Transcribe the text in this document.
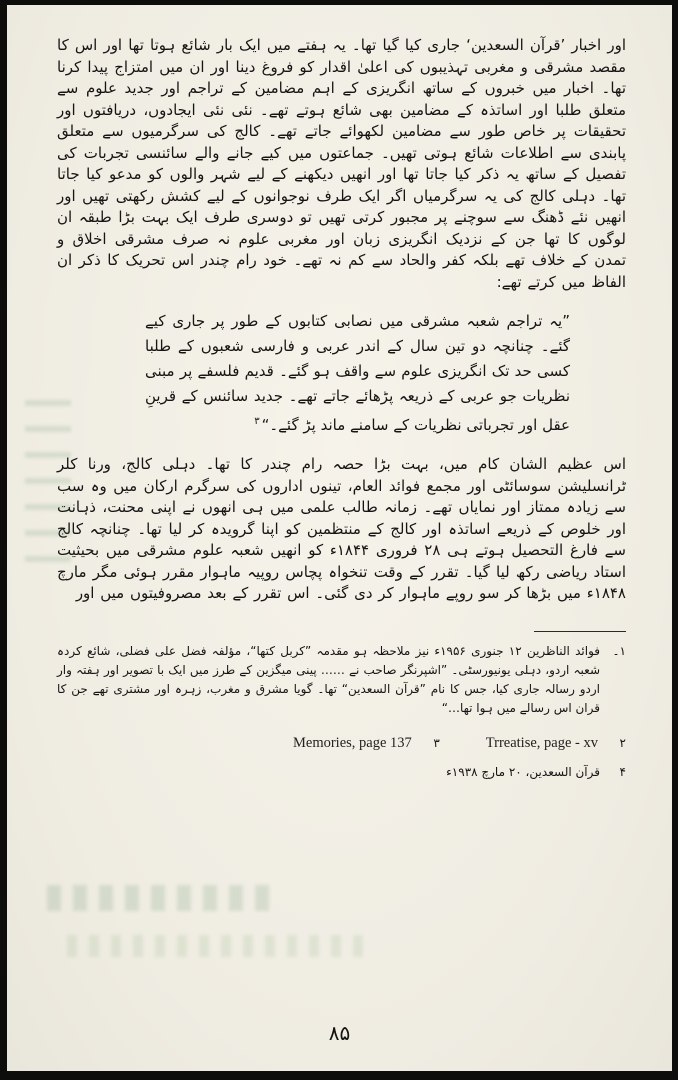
اور اخبار ’قرآن السعدین‘ جاری کیا گیا تھا۔ یہ ہفتے میں ایک بار شائع ہوتا تھا اور اس کا مقصد مشرقی و مغربی تہذیبوں کی اعلیٰ اقدار کو فروغ دینا اور ان میں امتزاج پیدا کرنا تھا۔ اخبار میں خبروں کے ساتھ انگریزی کے اہم مضامین کے تراجم اور جدید علوم سے متعلق طلبا اور اساتذہ کے مضامین بھی شائع ہوتے تھے۔ نئی نئی ایجادوں، دریافتوں اور تحقیقات پر خاص طور سے مضامین لکھوائے جاتے تھے۔ کالج کی سرگرمیوں سے متعلق پابندی سے اطلاعات شائع ہوتی تھیں۔ جماعتوں میں کیے جانے والے سائنسی تجربات کی تفصیل کے ساتھ یہ ذکر کیا جاتا تھا اور انھیں دیکھنے کے لیے شہر والوں کو مدعو کیا جاتا تھا۔ دہلی کالج کی یہ سرگرمیاں اگر ایک طرف نوجوانوں کے لیے کشش رکھتی تھیں اور انھیں نئے ڈھنگ سے سوچنے پر مجبور کرتی تھیں تو دوسری طرف ایک بہت بڑا طبقہ ان لوگوں کا تھا جن کے نزدیک انگریزی زبان اور مغربی علوم نہ صرف مشرقی اخلاق و تمدن کے خلاف تھے بلکہ کفر والحاد سے کم نہ تھے۔ خود رام چندر اس تحریک کا ذکر ان الفاظ میں کرتے تھے:

”یہ تراجم شعبہ مشرقی میں نصابی کتابوں کے طور پر جاری کیے گئے۔ چنانچہ دو تین سال کے اندر عربی و فارسی شعبوں کے طلبا کسی حد تک انگریزی علوم سے واقف ہو گئے۔ قدیم فلسفے پر مبنی نظریات جو عربی کے ذریعہ پڑھائے جاتے تھے۔ جدید سائنس کے قرینِ عقل اور تجرباتی نظریات کے سامنے ماند پڑ گئے۔“$^۳$

اس عظیم الشان کام میں، بہت بڑا حصہ رام چندر کا تھا۔ دہلی کالج، ورنا کلر ٹرانسلیشن سوسائٹی اور مجمع فوائد العام، تینوں اداروں کی سرگرم ارکان میں وہ سب سے زیادہ ممتاز اور نمایاں تھے۔ زمانہ طالب علمی میں ہی انھوں نے اپنی محنت، ذہانت اور خلوص کے ذریعے اساتذہ اور کالج کے منتظمین کو اپنا گرویدہ کر لیا تھا۔ چنانچہ کالج سے فارغ التحصیل ہوتے ہی ۲۸ فروری ۱۸۴۴ء کو انھیں شعبہ علوم مشرقی میں بحیثیت استاد ریاضی رکھ لیا گیا۔ تقرر کے وقت تنخواہ پچاس روپیہ ماہوار مقرر ہوئی مگر مارچ ۱۸۴۸ء میں بڑھا کر سو روپے ماہوار کر دی گئی۔ اس تقرر کے بعد مصروفیتوں میں اور

۱۔
فوائد الناظرین ۱۲ جنوری ۱۹۵۶ء نیز ملاحظہ ہو مقدمہ ”کربل کتھا“، مؤلفہ فضل علی فضلی، شائع کردہ شعبہ اردو، دہلی یونیورسٹی۔ ”اشپرنگر صاحب نے …… پینی میگزین کے طرز میں ایک با تصویر اور ہفتہ وار اردو رسالہ جاری کیا، جس کا نام ”قرآن السعدین“ تھا۔ گویا مشرق و مغرب، زہرہ اور مشتری تھے جن کا قران اس رسالے میں ہوا تھا…“
۲
Trreatise, page - xv
۳
Memories, page 137
۴
قرآن السعدین، ۲۰ مارچ ۱۹۳۸ء
۸۵
